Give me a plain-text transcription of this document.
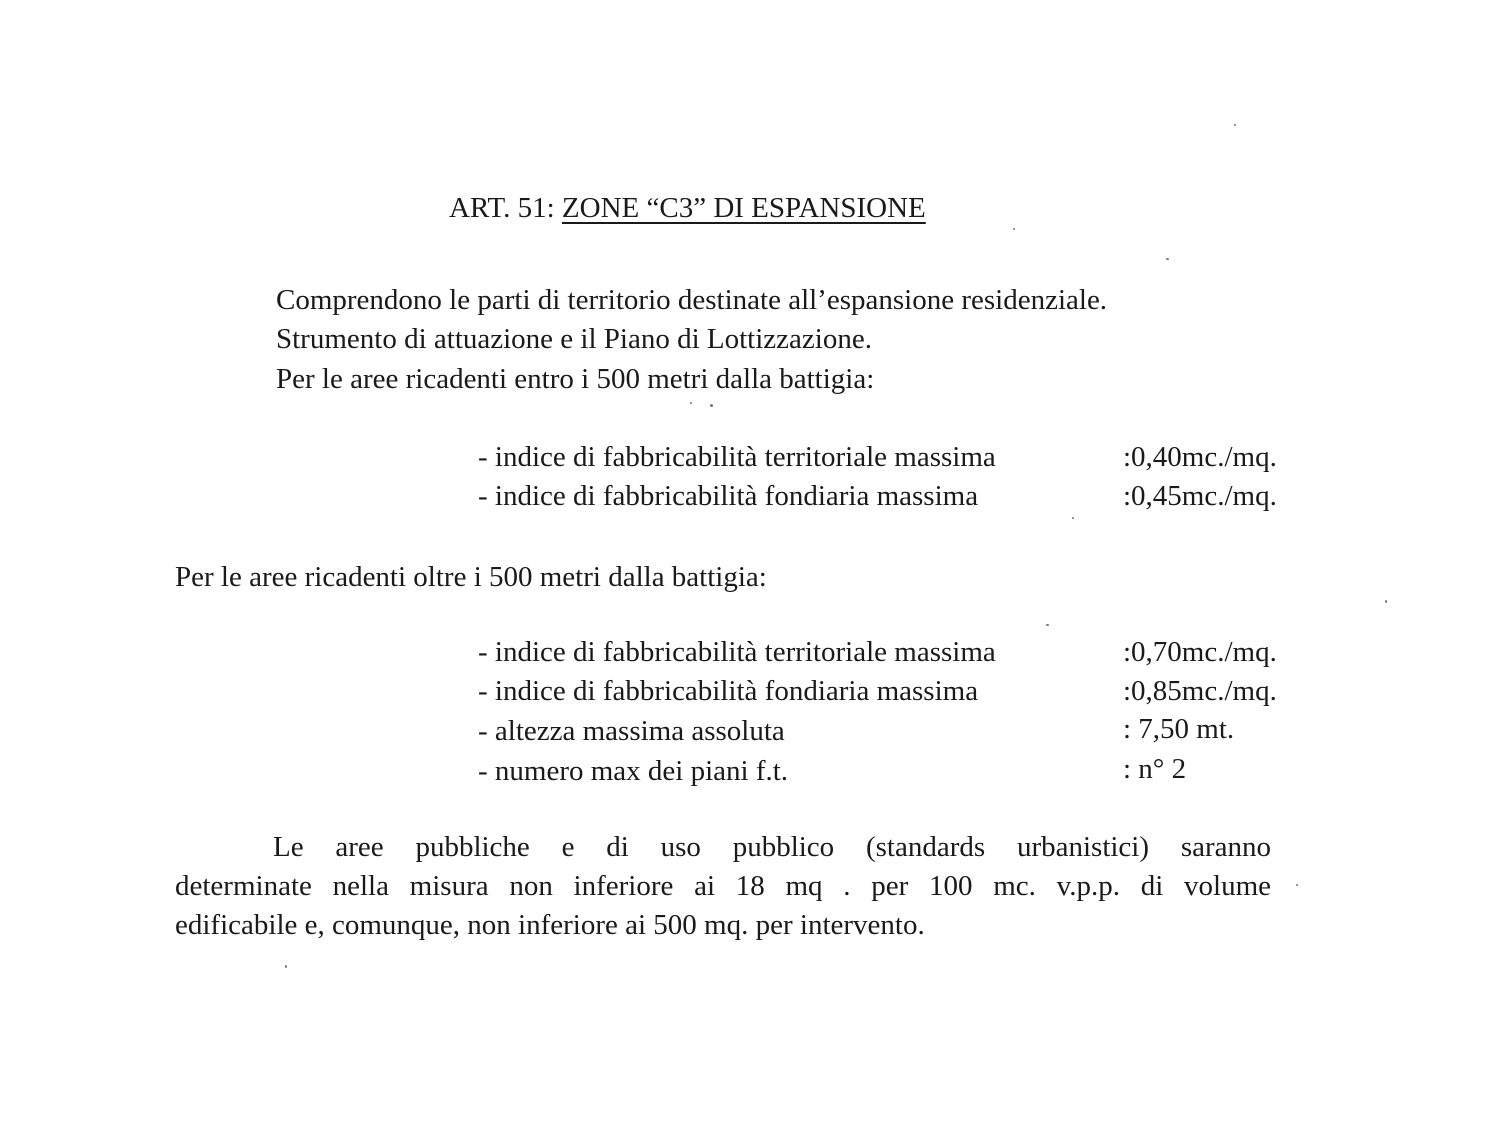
ART. 51: ZONE “C3” DI ESPANSIONE
Comprendono le parti di territorio destinate all’espansione residenziale.
Strumento di attuazione e il Piano di Lottizzazione.
Per le aree ricadenti entro i 500 metri dalla battigia:
- indice di fabbricabilità territoriale massima	:0,40mc./mq.
- indice di fabbricabilità fondiaria massima	:0,45mc./mq.
Per le aree ricadenti oltre i 500 metri dalla battigia:
- indice di fabbricabilità territoriale massima	:0,70mc./mq.
- indice di fabbricabilità fondiaria massima	:0,85mc./mq.
- altezza massima assoluta	: 7,50 mt.
- numero max dei piani f.t.	: n° 2
Le aree pubbliche e di uso pubblico (standards urbanistici) saranno
determinate nella misura non inferiore ai 18 mq . per 100 mc. v.p.p. di volume
edificabile e, comunque, non inferiore ai 500 mq. per intervento.
